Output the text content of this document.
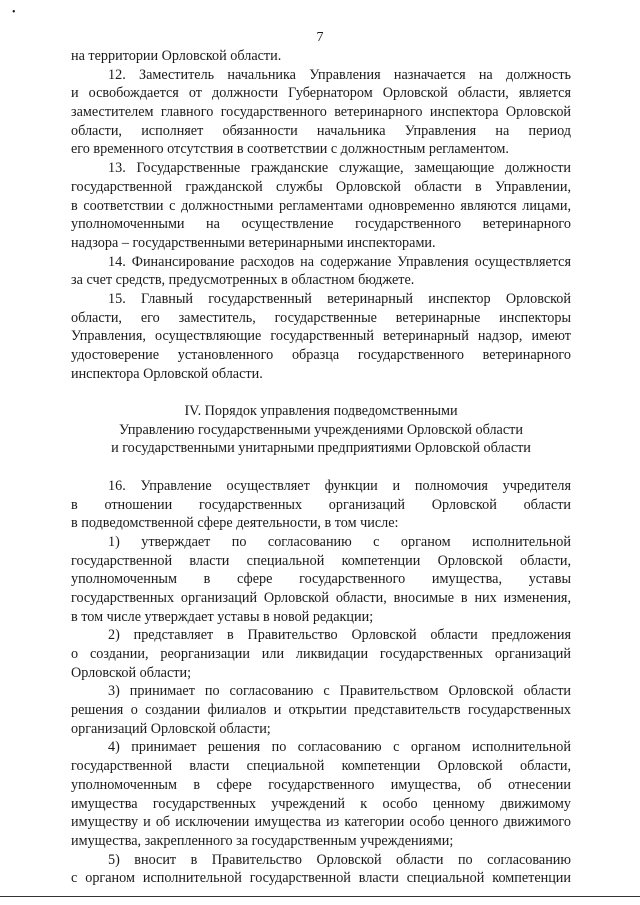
•
7
на территории Орловской области.
12. Заместитель начальника Управления назначается на должность
и освобождается от должности Губернатором Орловской области, является
заместителем главного государственного ветеринарного инспектора Орловской
области, исполняет обязанности начальника Управления на период
его временного отсутствия в соответствии с должностным регламентом.
13. Государственные гражданские служащие, замещающие должности
государственной гражданской службы Орловской области в Управлении,
в соответствии с должностными регламентами одновременно являются лицами,
уполномоченными на осуществление государственного ветеринарного
надзора – государственными ветеринарными инспекторами.
14. Финансирование расходов на содержание Управления осуществляется
за счет средств, предусмотренных в областном бюджете.
15. Главный государственный ветеринарный инспектор Орловской
области, его заместитель, государственные ветеринарные инспекторы
Управления, осуществляющие государственный ветеринарный надзор, имеют
удостоверение установленного образца государственного ветеринарного
инспектора Орловской области.
IV. Порядок управления подведомственными
Управлению государственными учреждениями Орловской области
и государственными унитарными предприятиями Орловской области
16. Управление осуществляет функции и полномочия учредителя
в отношении государственных организаций Орловской области
в подведомственной сфере деятельности, в том числе:
1) утверждает по согласованию с органом исполнительной
государственной власти специальной компетенции Орловской области,
уполномоченным в сфере государственного имущества, уставы
государственных организаций Орловской области, вносимые в них изменения,
в том числе утверждает уставы в новой редакции;
2) представляет в Правительство Орловской области предложения
о создании, реорганизации или ликвидации государственных организаций
Орловской области;
3) принимает по согласованию с Правительством Орловской области
решения о создании филиалов и открытии представительств государственных
организаций Орловской области;
4) принимает решения по согласованию с органом исполнительной
государственной власти специальной компетенции Орловской области,
уполномоченным в сфере государственного имущества, об отнесении
имущества государственных учреждений к особо ценному движимому
имуществу и об исключении имущества из категории особо ценного движимого
имущества, закрепленного за государственным учреждениями;
5) вносит в Правительство Орловской области по согласованию
с органом исполнительной государственной власти специальной компетенции
